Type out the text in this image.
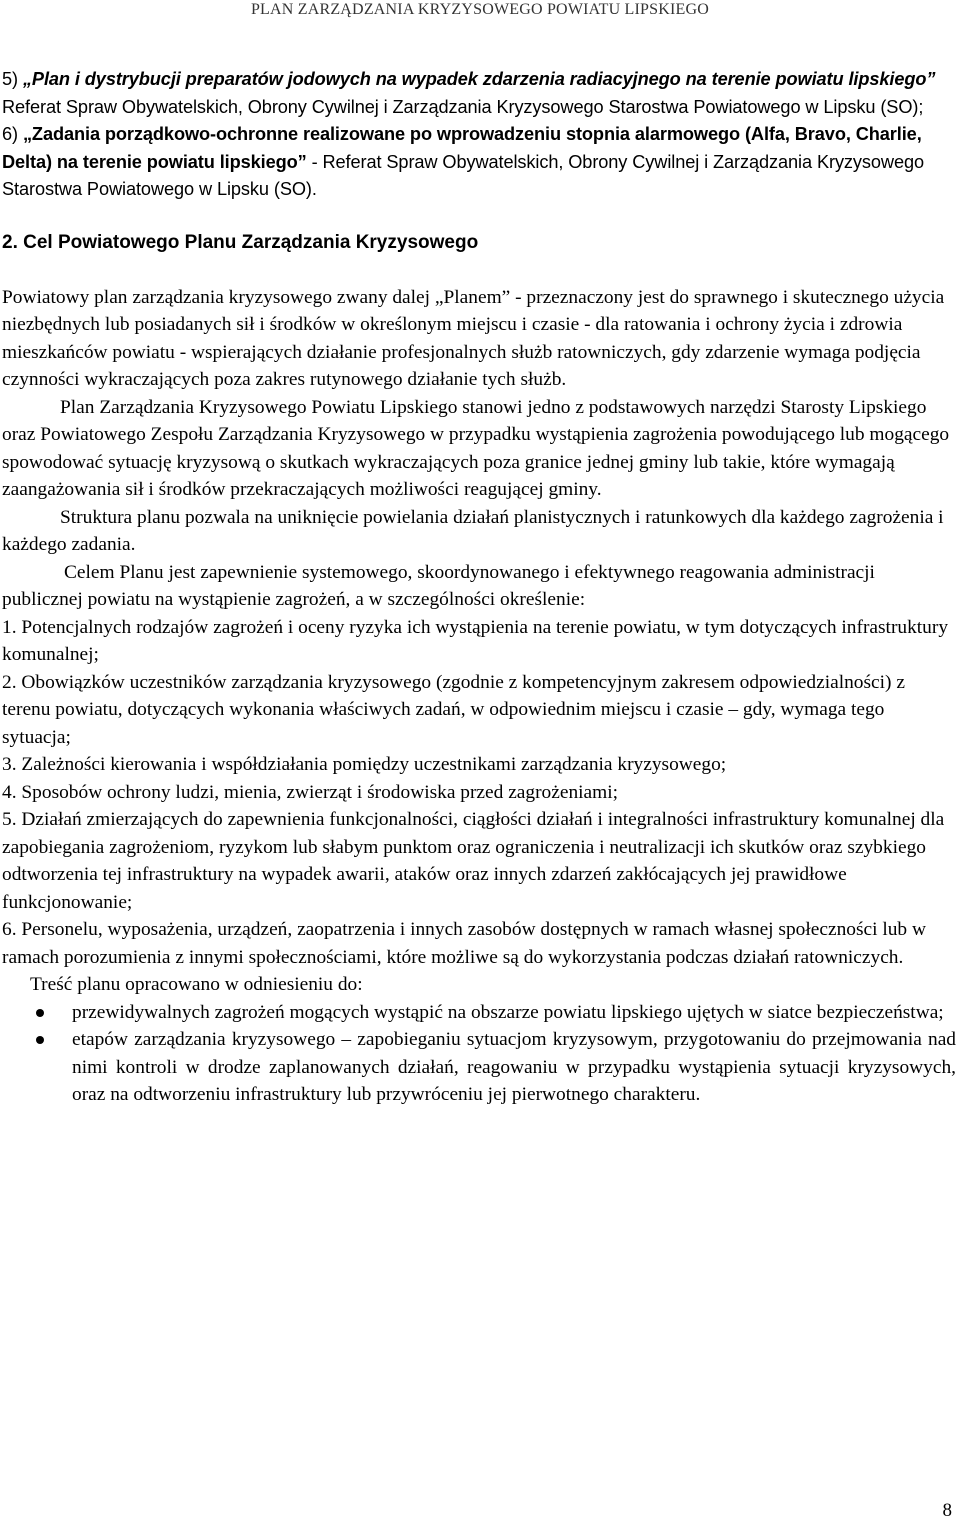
PLAN ZARZĄDZANIA KRYZYSOWEGO POWIATU LIPSKIEGO

5) „Plan i dystrybucji preparatów jodowych na wypadek zdarzenia radiacyjnego na terenie powiatu lipskiego” Referat Spraw Obywatelskich, Obrony Cywilnej i Zarządzania Kryzysowego Starostwa Powiatowego w Lipsku (SO);

6) „Zadania porządkowo-ochronne realizowane po wprowadzeniu stopnia alarmowego (Alfa, Bravo, Charlie, Delta) na terenie powiatu lipskiego” - Referat Spraw Obywatelskich, Obrony Cywilnej i Zarządzania Kryzysowego Starostwa Powiatowego w Lipsku (SO).

2. Cel Powiatowego Planu Zarządzania Kryzysowego

Powiatowy plan zarządzania kryzysowego zwany dalej „Planem” - przeznaczony jest do sprawnego i skutecznego użycia niezbędnych lub posiadanych sił i środków w określonym miejscu i czasie - dla ratowania i ochrony życia i zdrowia mieszkańców powiatu - wspierających działanie profesjonalnych służb ratowniczych, gdy zdarzenie wymaga podjęcia czynności wykraczających poza zakres rutynowego działanie tych służb.

Plan Zarządzania Kryzysowego Powiatu Lipskiego stanowi jedno z podstawowych narzędzi Starosty Lipskiego oraz Powiatowego Zespołu Zarządzania Kryzysowego w przypadku wystąpienia zagrożenia powodującego lub mogącego spowodować sytuację kryzysową o skutkach wykraczających poza granice jednej gminy lub takie, które wymagają zaangażowania sił i środków przekraczających możliwości reagującej gminy.

Struktura planu pozwala na uniknięcie powielania działań planistycznych i ratunkowych dla każdego zagrożenia i każdego zadania.

Celem Planu jest zapewnienie systemowego, skoordynowanego i efektywnego reagowania administracji publicznej powiatu na wystąpienie zagrożeń, a w szczególności określenie:

1. Potencjalnych rodzajów zagrożeń i oceny ryzyka ich wystąpienia na terenie powiatu, w tym dotyczących infrastruktury komunalnej;

2. Obowiązków uczestników zarządzania kryzysowego (zgodnie z kompetencyjnym zakresem odpowiedzialności) z terenu powiatu, dotyczących wykonania właściwych zadań, w odpowiednim miejscu i czasie – gdy, wymaga tego sytuacja;

3. Zależności kierowania i współdziałania pomiędzy uczestnikami zarządzania kryzysowego;

4. Sposobów ochrony ludzi, mienia, zwierząt i środowiska przed zagrożeniami;

5. Działań zmierzających do zapewnienia funkcjonalności, ciągłości działań i integralności infrastruktury komunalnej dla zapobiegania zagrożeniom, ryzykom lub słabym punktom oraz ograniczenia i neutralizacji ich skutków oraz szybkiego odtworzenia tej infrastruktury na wypadek awarii, ataków oraz innych zdarzeń zakłócających jej prawidłowe funkcjonowanie;

6. Personelu, wyposażenia, urządzeń, zaopatrzenia i innych zasobów dostępnych w ramach własnej społeczności lub w ramach porozumienia z innymi społecznościami, które możliwe są do wykorzystania podczas działań ratowniczych.

Treść planu opracowano w odniesieniu do:

przewidywalnych zagrożeń mogących wystąpić na obszarze powiatu lipskiego ujętych w siatce bezpieczeństwa;
etapów zarządzania kryzysowego – zapobieganiu sytuacjom kryzysowym, przygotowaniu do przejmowania nad nimi kontroli w drodze zaplanowanych działań, reagowaniu w przypadku wystąpienia sytuacji kryzysowych, oraz na odtworzeniu infrastruktury lub przywróceniu jej pierwotnego charakteru.
8
